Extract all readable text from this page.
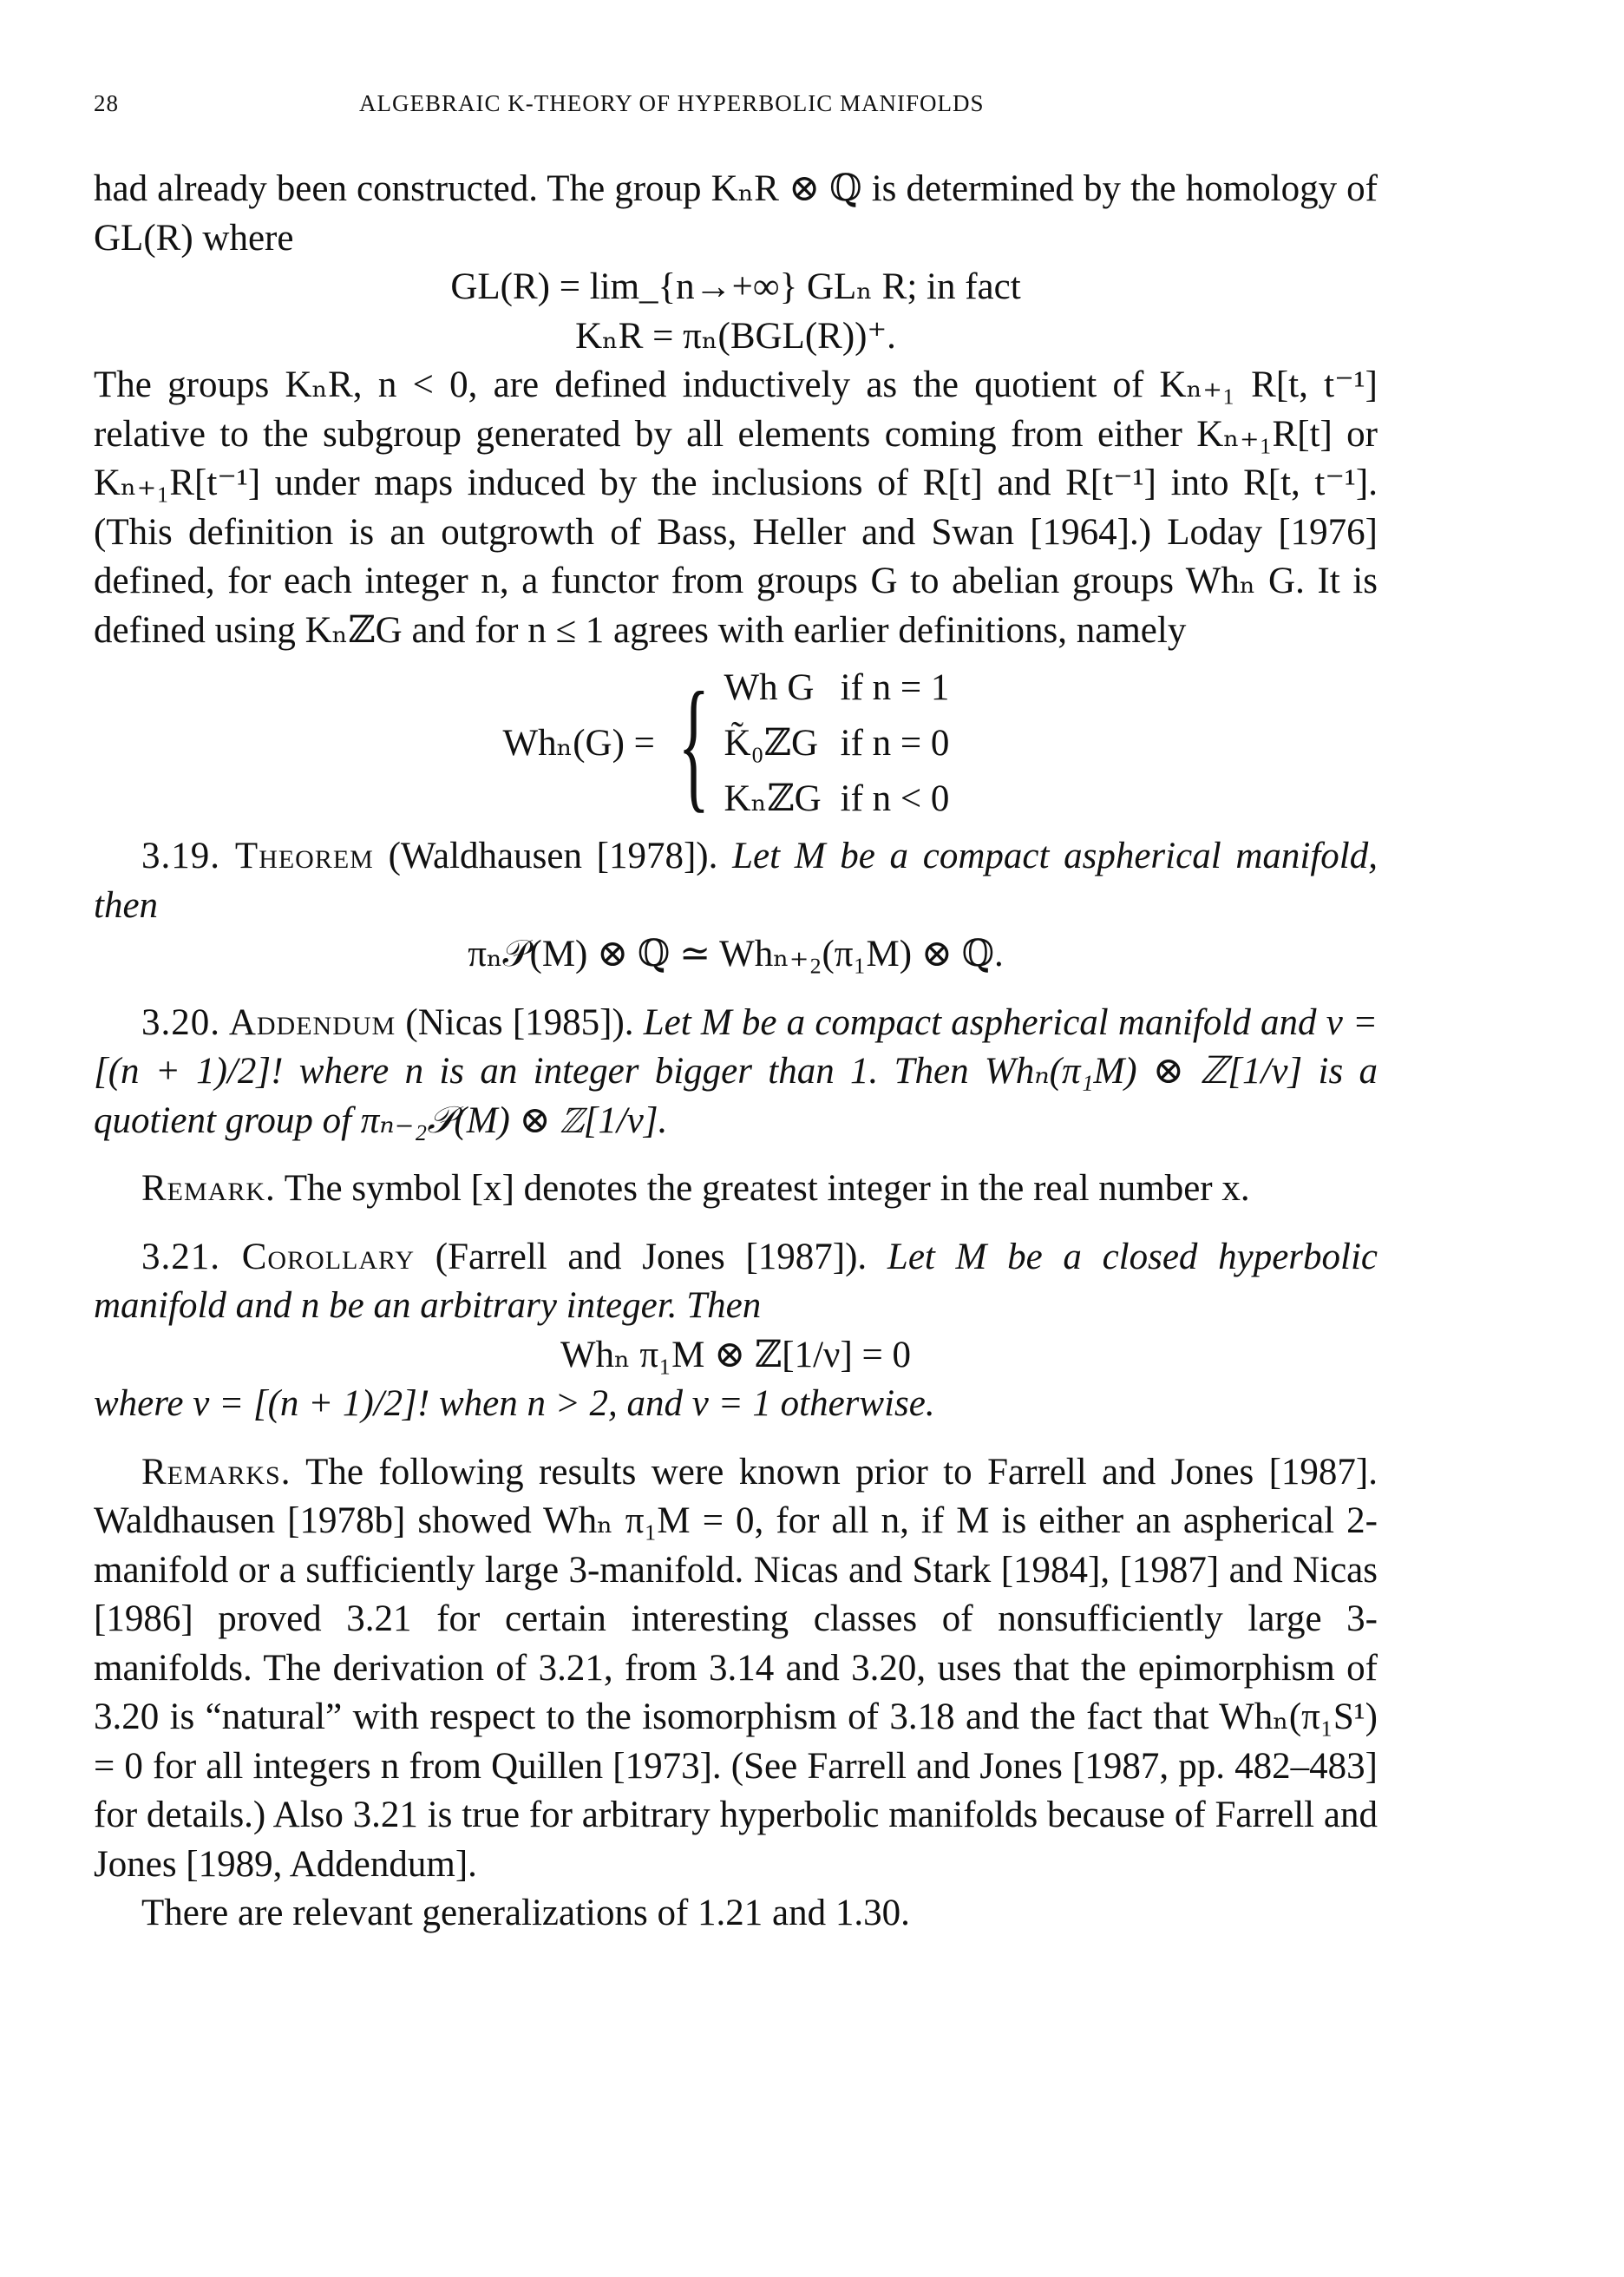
28	ALGEBRAIC K-THEORY OF HYPERBOLIC MANIFOLDS

had already been constructed. The group KₙR ⊗ ℚ is determined by the homology of GL(R) where

GL(R) = lim_{n→+∞} GLₙ R; in fact

KₙR = πₙ(BGL(R))⁺.

The groups KₙR, n < 0, are defined inductively as the quotient of Kₙ₊₁ R[t, t⁻¹] relative to the subgroup generated by all elements coming from either Kₙ₊₁R[t] or Kₙ₊₁R[t⁻¹] under maps induced by the inclusions of R[t] and R[t⁻¹] into R[t, t⁻¹]. (This definition is an outgrowth of Bass, Heller and Swan [1964].) Loday [1976] defined, for each integer n, a functor from groups G to abelian groups Whₙ G. It is defined using KₙℤG and for n ≤ 1 agrees with earlier definitions, namely

Whₙ(G) = { Wh G	if n = 1
K̃₀ℤG	if n = 0
KₙℤG	if n < 0

3.19. Theorem (Waldhausen [1978]). Let M be a compact aspherical manifold, then

πₙ𝒫(M) ⊗ ℚ ≃ Whₙ₊₂(π₁M) ⊗ ℚ.

3.20. Addendum (Nicas [1985]). Let M be a compact aspherical manifold and ν = [(n + 1)/2]! where n is an integer bigger than 1. Then Whₙ(π₁M) ⊗ ℤ[1/ν] is a quotient group of πₙ₋₂𝒫(M) ⊗ ℤ[1/ν].

Remark. The symbol [x] denotes the greatest integer in the real number x.

3.21. Corollary (Farrell and Jones [1987]). Let M be a closed hyperbolic manifold and n be an arbitrary integer. Then

Whₙ π₁M ⊗ ℤ[1/ν] = 0

where ν = [(n + 1)/2]! when n > 2, and ν = 1 otherwise.

Remarks. The following results were known prior to Farrell and Jones [1987]. Waldhausen [1978b] showed Whₙ π₁M = 0, for all n, if M is either an aspherical 2-manifold or a sufficiently large 3-manifold. Nicas and Stark [1984], [1987] and Nicas [1986] proved 3.21 for certain interesting classes of nonsufficiently large 3-manifolds. The derivation of 3.21, from 3.14 and 3.20, uses that the epimorphism of 3.20 is “natural” with respect to the isomorphism of 3.18 and the fact that Whₙ(π₁S¹) = 0 for all integers n from Quillen [1973]. (See Farrell and Jones [1987, pp. 482–483] for details.) Also 3.21 is true for arbitrary hyperbolic manifolds because of Farrell and Jones [1989, Addendum].

There are relevant generalizations of 1.21 and 1.30.
